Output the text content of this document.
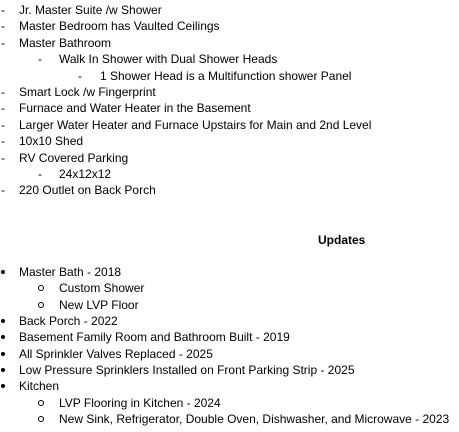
- Jr. Master Suite /w Shower
- Master Bedroom has Vaulted Ceilings
- Master Bathroom
- Walk In Shower with Dual Shower Heads
- 1 Shower Head is a Multifunction shower Panel
- Smart Lock /w Fingerprint
- Furnace and Water Heater in the Basement
- Larger Water Heater and Furnace Upstairs for Main and 2nd Level
- 10x10 Shed
- RV Covered Parking
- 24x12x12
- 220 Outlet on Back Porch
Updates
Master Bath - 2018
Custom Shower
New LVP Floor
Back Porch - 2022
Basement Family Room and Bathroom Built - 2019
All Sprinkler Valves Replaced - 2025
Low Pressure Sprinklers Installed on Front Parking Strip - 2025
Kitchen
LVP Flooring in Kitchen - 2024
New Sink, Refrigerator, Double Oven, Dishwasher, and Microwave - 2023
